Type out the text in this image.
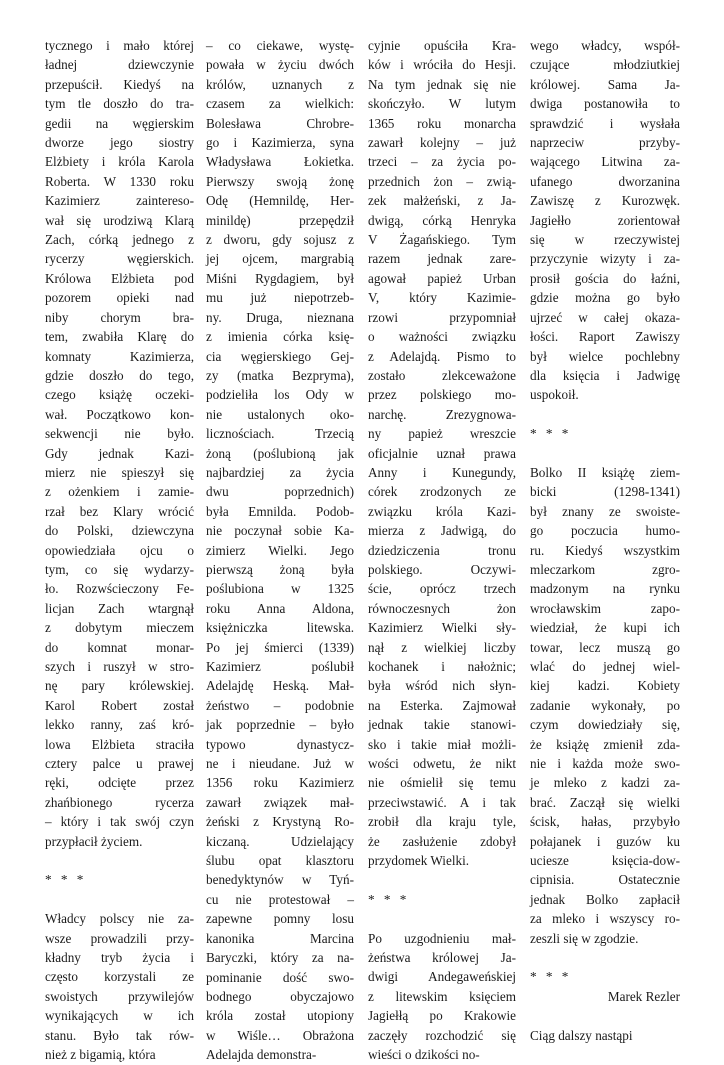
tycznego i mało której
ładnej dziewczynie
przepuścił. Kiedyś na
tym tle doszło do tra-
gedii na węgierskim
dworze jego siostry
Elżbiety i króla Karola
Roberta. W 1330 roku
Kazimierz zaintereso-
wał się urodziwą Klarą
Zach, córką jednego z
rycerzy węgierskich.
Królowa Elżbieta pod
pozorem opieki nad
niby chorym bra-
tem, zwabiła Klarę do
komnaty Kazimierza,
gdzie doszło do tego,
czego książę oczeki-
wał. Początkowo kon-
sekwencji nie było.
Gdy jednak Kazi-
mierz nie spieszył się
z ożenkiem i zamie-
rzał bez Klary wrócić
do Polski, dziewczyna
opowiedziała ojcu o
tym, co się wydarzy-
ło. Rozwścieczony Fe-
licjan Zach wtargnął
z dobytym mieczem
do komnat monar-
szych i ruszył w stro-
nę pary królewskiej.
Karol Robert został
lekko ranny, zaś kró-
lowa Elżbieta straciła
cztery palce u prawej
ręki, odcięte przez
zhańbionego rycerza
– który i tak swój czyn
przypłacił życiem.
* * *
Władcy polscy nie za-
wsze prowadzili przy-
kładny tryb życia i
często korzystali ze
swoistych przywilejów
wynikających w ich
stanu. Było tak rów-
nież z bigamią, która
– co ciekawe, wystę-
powała w życiu dwóch
królów, uznanych z
czasem za wielkich:
Bolesława Chrobre-
go i Kazimierza, syna
Władysława Łokietka.
Pierwszy swoją żonę
Odę (Hemnildę, Her-
minildę) przepędził
z dworu, gdy sojusz z
jej ojcem, margrabią
Miśni Rygdagiem, był
mu już niepotrzeb-
ny. Druga, nieznana
z imienia córka księ-
cia węgierskiego Gej-
zy (matka Bezpryma),
podzieliła los Ody w
nie ustalonych oko-
licznościach. Trzecią
żoną (poślubioną jak
najbardziej za życia
dwu poprzednich)
była Emnilda. Podob-
nie poczynał sobie Ka-
zimierz Wielki. Jego
pierwszą żoną była
poślubiona w 1325
roku Anna Aldona,
księżniczka litewska.
Po jej śmierci (1339)
Kazimierz poślubił
Adelajdę Heską. Mał-
żeństwo – podobnie
jak poprzednie – było
typowo dynastycz-
ne i nieudane. Już w
1356 roku Kazimierz
zawarł związek mał-
żeński z Krystyną Ro-
kiczaną. Udzielający
ślubu opat klasztoru
benedyktynów w Tyń-
cu nie protestował –
zapewne pomny losu
kanonika Marcina
Baryczki, który za na-
pominanie dość swo-
bodnego obyczajowo
króla został utopiony
w Wiśle… Obrażona
Adelajda demonstra-
cyjnie opuściła Kra-
ków i wróciła do Hesji.
Na tym jednak się nie
skończyło. W lutym
1365 roku monarcha
zawarł kolejny – już
trzeci – za życia po-
przednich żon – zwią-
zek małżeński, z Ja-
dwigą, córką Henryka
V Żagańskiego. Tym
razem jednak zare-
agował papież Urban
V, który Kazimie-
rzowi przypomniał
o ważności związku
z Adelajdą. Pismo to
zostało zlekceważone
przez polskiego mo-
narchę. Zrezygnowa-
ny papież wreszcie
oficjalnie uznał prawa
Anny i Kunegundy,
córek zrodzonych ze
związku króla Kazi-
mierza z Jadwigą, do
dziedziczenia tronu
polskiego. Oczywi-
ście, oprócz trzech
równoczesnych żon
Kazimierz Wielki sły-
nął z wielkiej liczby
kochanek i nałożnic;
była wśród nich słyn-
na Esterka. Zajmował
jednak takie stanowi-
sko i takie miał możli-
wości odwetu, że nikt
nie ośmielił się temu
przeciwstawić. A i tak
zrobił dla kraju tyle,
że zasłużenie zdobył
przydomek Wielki.
* * *
Po uzgodnieniu mał-
żeństwa królowej Ja-
dwigi Andegaweńskiej
z litewskim księciem
Jagiełłą po Krakowie
zaczęły rozchodzić się
wieści o dzikości no-
wego władcy, współ-
czujące młodziutkiej
królowej. Sama Ja-
dwiga postanowiła to
sprawdzić i wysłała
naprzeciw przyby-
wającego Litwina za-
ufanego dworzanina
Zawiszę z Kurozwęk.
Jagiełło zorientował
się w rzeczywistej
przyczynie wizyty i za-
prosił gościa do łaźni,
gdzie można go było
ujrzeć w całej okaza-
łości. Raport Zawiszy
był wielce pochlebny
dla księcia i Jadwigę
uspokoił.
* * *
Bolko II książę ziem-
bicki (1298-1341)
był znany ze swoiste-
go poczucia humo-
ru. Kiedyś wszystkim
mleczarkom zgro-
madzonym na rynku
wrocławskim zapo-
wiedział, że kupi ich
towar, lecz muszą go
wlać do jednej wiel-
kiej kadzi. Kobiety
zadanie wykonały, po
czym dowiedziały się,
że książę zmienił zda-
nie i każda może swo-
je mleko z kadzi za-
brać. Zaczął się wielki
ścisk, hałas, przybyło
połajanek i guzów ku
uciesze księcia-dow-
cipnisia. Ostatecznie
jednak Bolko zapłacił
za mleko i wszyscy ro-
zeszli się w zgodzie.
* * *
Marek Rezler
Ciąg dalszy nastąpi
